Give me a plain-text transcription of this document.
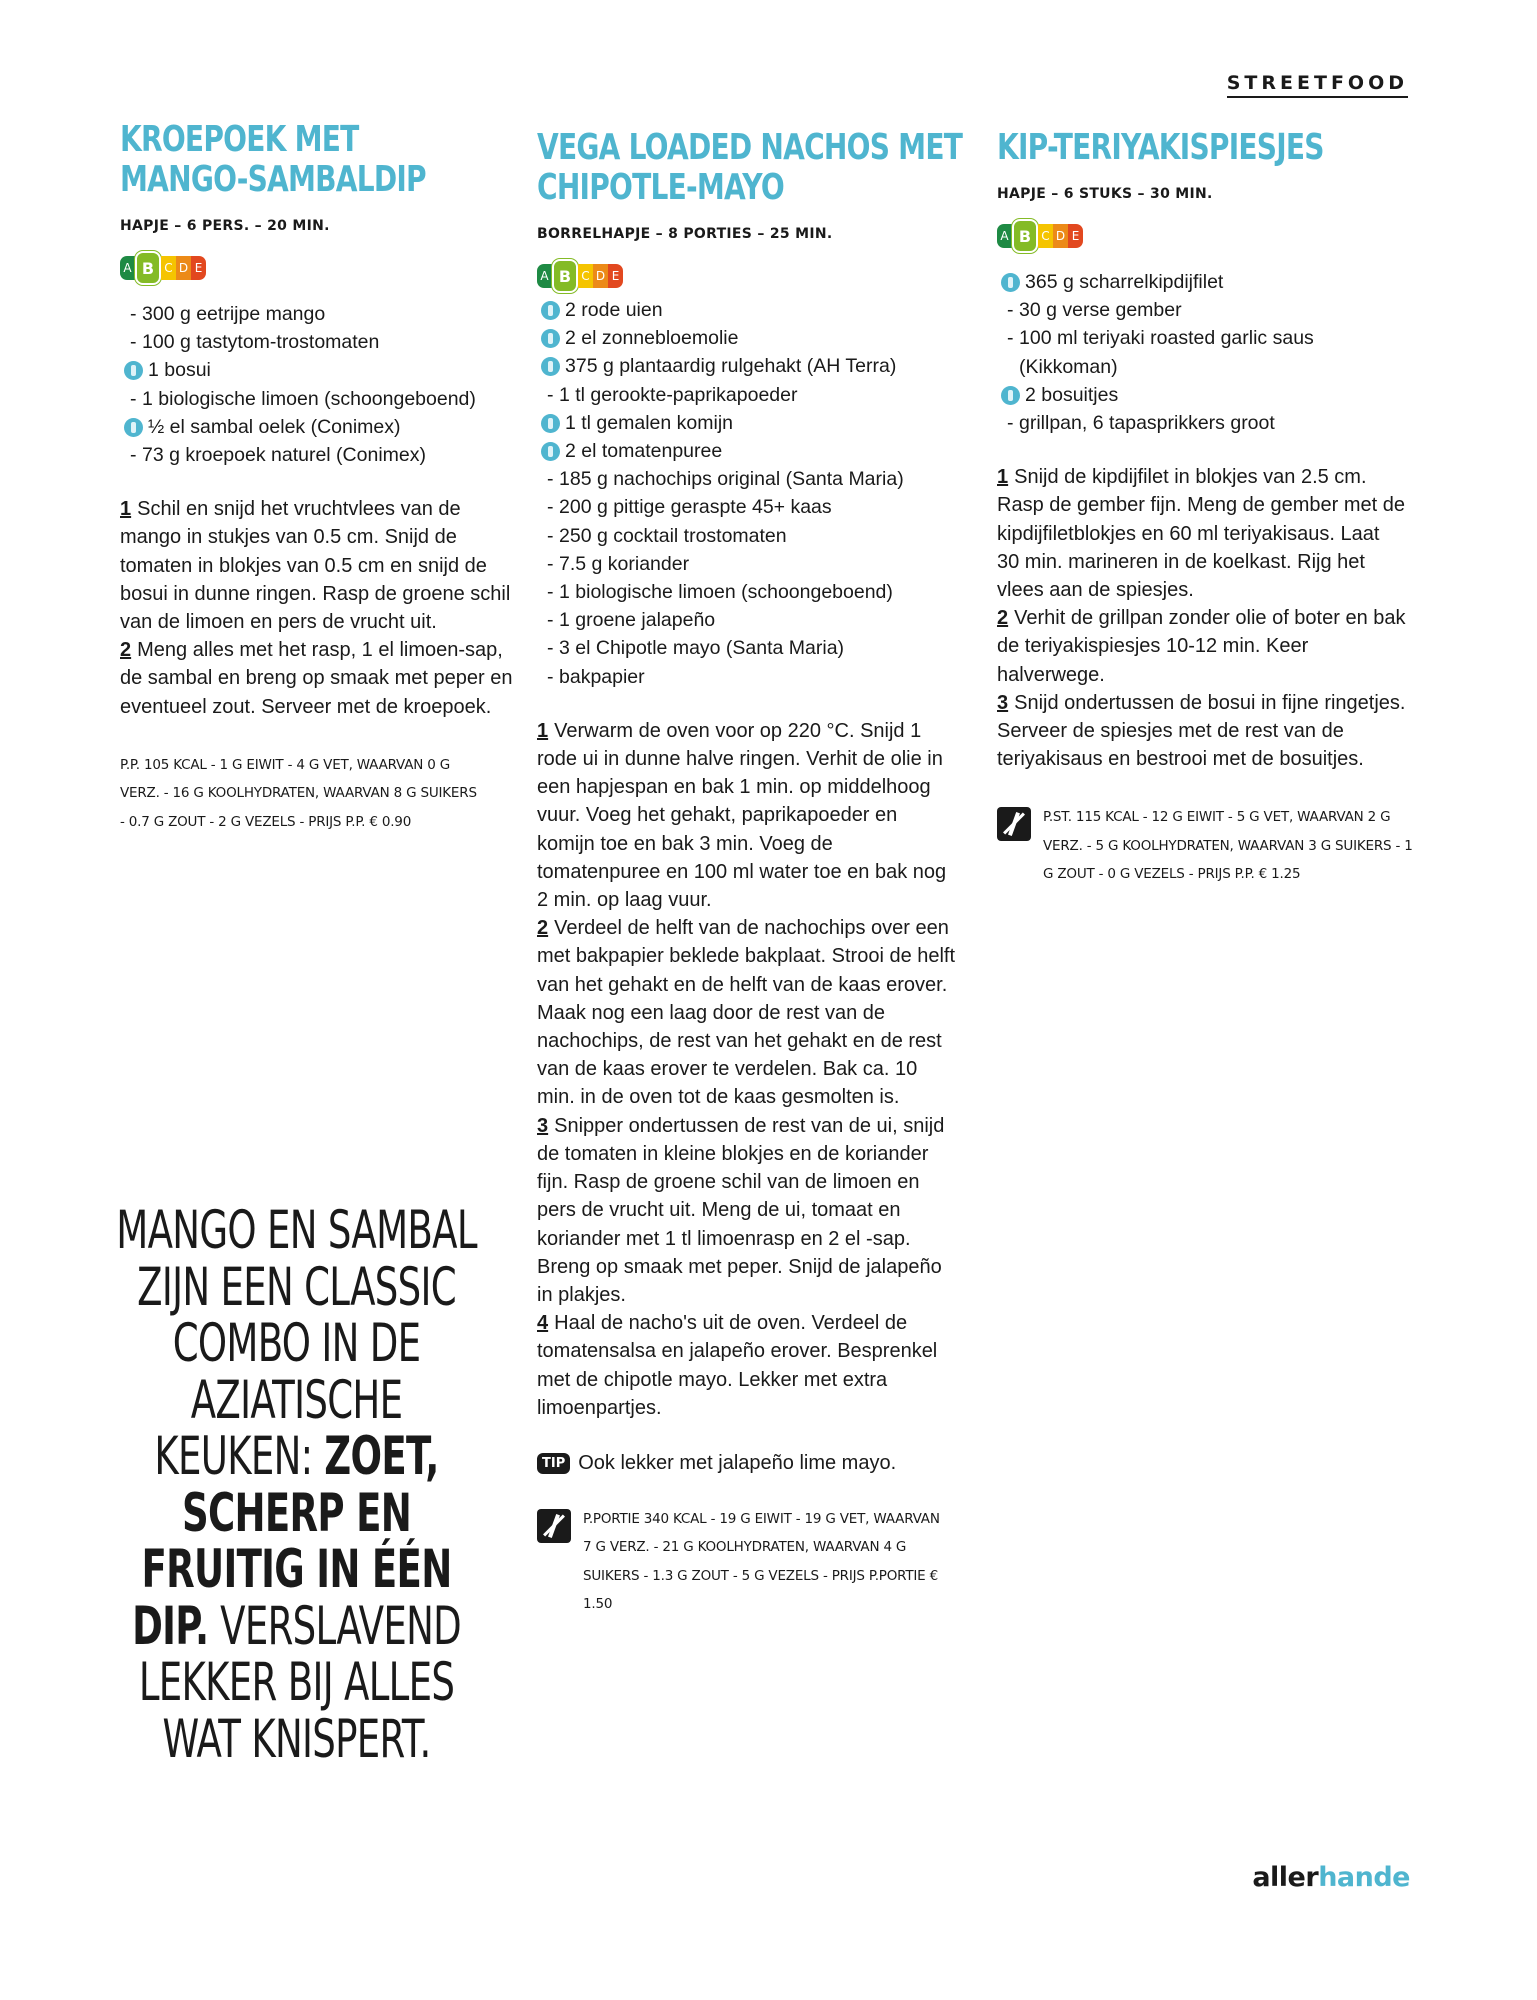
STREETFOOD
KROEPOEK MET
MANGO-SAMBALDIP
HAPJE – 6 PERS. – 20 MIN.
A B C D E
- 300 g eetrijpe mango
- 100 g tastytom-trostomaten
1 bosui
- 1 biologische limoen (schoongeboend)
½ el sambal oelek (Conimex)
- 73 g kroepoek naturel (Conimex)

1 Schil en snijd het vruchtvlees van de mango in stukjes van 0.5 cm. Snijd de tomaten in blokjes van 0.5 cm en snijd de bosui in dunne ringen. Rasp de groene schil van de limoen en pers de vrucht uit.

2 Meng alles met het rasp, 1 el limoen-sap, de sambal en breng op smaak met peper en eventueel zout. Serveer met de kroepoek.

P.P. 105 KCAL - 1 G EIWIT - 4 G VET, WAARVAN 0 G VERZ. - 16 G KOOLHYDRATEN, WAARVAN 8 G SUIKERS - 0.7 G ZOUT - 2 G VEZELS - PRIJS P.P. € 0.90
VEGA LOADED NACHOS MET
CHIPOTLE-MAYO
BORRELHAPJE – 8 PORTIES – 25 MIN.
A B C D E
2 rode uien
2 el zonnebloemolie
375 g plantaardig rulgehakt (AH Terra)
- 1 tl gerookte-paprikapoeder
1 tl gemalen komijn
2 el tomatenpuree
- 185 g nachochips original (Santa Maria)
- 200 g pittige geraspte 45+ kaas
- 250 g cocktail trostomaten
- 7.5 g koriander
- 1 biologische limoen (schoongeboend)
- 1 groene jalapeño
- 3 el Chipotle mayo (Santa Maria)
- bakpapier

1 Verwarm de oven voor op 220 °C. Snijd 1 rode ui in dunne halve ringen. Verhit de olie in een hapjespan en bak 1 min. op middelhoog vuur. Voeg het gehakt, paprikapoeder en komijn toe en bak 3 min. Voeg de tomatenpuree en 100 ml water toe en bak nog 2 min. op laag vuur.

2 Verdeel de helft van de nachochips over een met bakpapier beklede bakplaat. Strooi de helft van het gehakt en de helft van de kaas erover. Maak nog een laag door de rest van de nachochips, de rest van het gehakt en de rest van de kaas erover te verdelen. Bak ca. 10 min. in de oven tot de kaas gesmolten is.

3 Snipper ondertussen de rest van de ui, snijd de tomaten in kleine blokjes en de koriander fijn. Rasp de groene schil van de limoen en pers de vrucht uit. Meng de ui, tomaat en koriander met 1 tl limoenrasp en 2 el -sap. Breng op smaak met peper. Snijd de jalapeño in plakjes.

4 Haal de nacho's uit de oven. Verdeel de tomatensalsa en jalapeño erover. Besprenkel met de chipotle mayo. Lekker met extra limoenpartjes.

TIP Ook lekker met jalapeño lime mayo.
P.PORTIE 340 KCAL - 19 G EIWIT - 19 G VET, WAARVAN 7 G VERZ. - 21 G KOOLHYDRATEN, WAARVAN 4 G SUIKERS - 1.3 G ZOUT - 5 G VEZELS - PRIJS P.PORTIE € 1.50
KIP-TERIYAKISPIESJES
HAPJE – 6 STUKS – 30 MIN.
A B C D E
365 g scharrelkipdijfilet
- 30 g verse gember
- 100 ml teriyaki roasted garlic saus (Kikkoman)
2 bosuitjes
- grillpan, 6 tapasprikkers groot

1 Snijd de kipdijfilet in blokjes van 2.5 cm. Rasp de gember fijn. Meng de gember met de kipdijfiletblokjes en 60 ml teriyakisaus. Laat 30 min. marineren in de koelkast. Rijg het vlees aan de spiesjes.

2 Verhit de grillpan zonder olie of boter en bak de teriyakispiesjes 10-12 min. Keer halverwege.

3 Snijd ondertussen de bosui in fijne ringetjes. Serveer de spiesjes met de rest van de teriyakisaus en bestrooi met de bosuitjes.

P.ST. 115 KCAL - 12 G EIWIT - 5 G VET, WAARVAN 2 G VERZ. - 5 G KOOLHYDRATEN, WAARVAN 3 G SUIKERS - 1 G ZOUT - 0 G VEZELS - PRIJS P.P. € 1.25
MANGO EN SAMBAL ZIJN EEN CLASSIC COMBO IN DE AZIATISCHE KEUKEN: ZOET, SCHERP EN FRUITIG IN ÉÉN DIP. VERSLAVEND LEKKER BIJ ALLES WAT KNISPERT.
allerhande
